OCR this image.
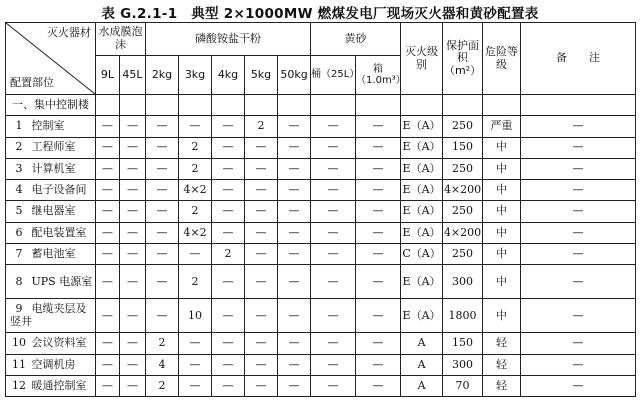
表 G.2.1-1　典型 2×1000MW 燃煤发电厂现场灭火器和黄砂配置表
灭火器材
配置部位	水成膜泡沫		磷酸铵盐干粉					黄砂		灭火级别	保护面积（m²）	危险等级	备　　注
	9L	45L	2kg	3kg	4kg	5kg	50kg	桶（25L）	箱（1.0m³）				
一、集中控制楼													
1 控制室	—	—	—	—	—	2	—	—	—	E（A）	250	严重	—
2 工程师室	—	—	—	2	—	—	—	—	—	E（A）	150	中	—
3 计算机室	—	—	—	2	—	—	—	—	—	E（A）	250	中	—
4 电子设备间	—	—	—	4×2	—	—	—	—	—	E（A）	4×200	中	—
5 继电器室	—	—	—	2	—	—	—	—	—	E（A）	250	中	—
6 配电装置室	—	—	—	4×2	—	—	—	—	—	E（A）	4×200	中	—
7 蓄电池室	—	—	—	—	2	—	—	—	—	C（A）	250	中	—
8 UPS 电源室	—	—	—	2	—	—	—	—	—	E（A）	300	中	—
9 电缆夹层及竖井	—	—	—	10	—	—	—	—	—	E（A）	1800	中	—
10 会议资料室	—	—	2	—	—	—	—	—	—	A	150	轻	—
11 空调机房	—	—	4	—	—	—	—	—	—	A	300	轻	—
12 暖通控制室	—	—	2	—	—	—	—	—	—	A	70	轻	—
